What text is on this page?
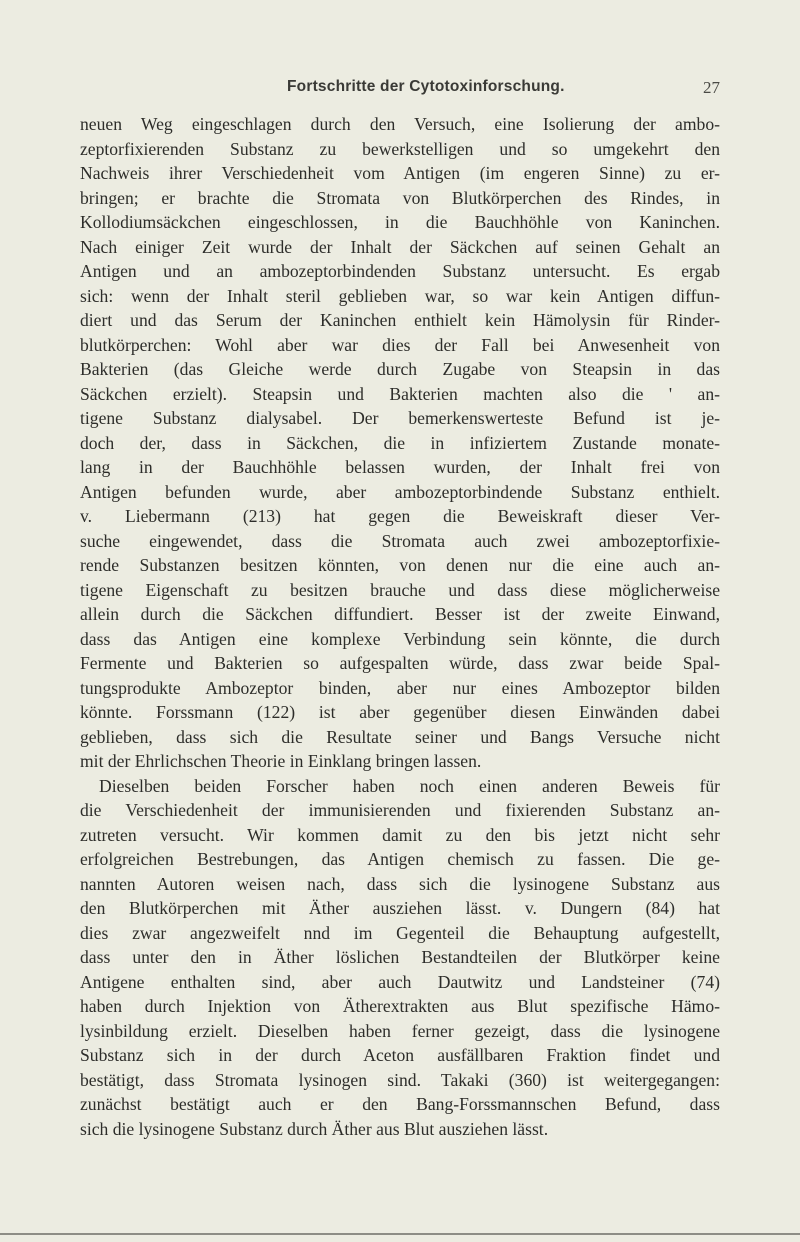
Fortschritte der Cytotoxinforschung.	27
neuen Weg eingeschlagen durch den Versuch, eine Isolierung der ambo-
zeptorfixierenden Substanz zu bewerkstelligen und so umgekehrt den
Nachweis ihrer Verschiedenheit vom Antigen (im engeren Sinne) zu er-
bringen; er brachte die Stromata von Blutkörperchen des Rindes, in
Kollodiumsäckchen eingeschlossen, in die Bauchhöhle von Kaninchen.
Nach einiger Zeit wurde der Inhalt der Säckchen auf seinen Gehalt an
Antigen und an ambozeptorbindenden Substanz untersucht. Es ergab
sich: wenn der Inhalt steril geblieben war, so war kein Antigen diffun-
diert und das Serum der Kaninchen enthielt kein Hämolysin für Rinder-
blutkörperchen: Wohl aber war dies der Fall bei Anwesenheit von
Bakterien (das Gleiche werde durch Zugabe von Steapsin in das
Säckchen erzielt). Steapsin und Bakterien machten also die ' an-
tigene Substanz dialysabel. Der bemerkenswerteste Befund ist je-
doch der, dass in Säckchen, die in infiziertem Zustande monate-
lang in der Bauchhöhle belassen wurden, der Inhalt frei von
Antigen befunden wurde, aber ambozeptorbindende Substanz enthielt.
v. Liebermann (213) hat gegen die Beweiskraft dieser Ver-
suche eingewendet, dass die Stromata auch zwei ambozeptorfixie-
rende Substanzen besitzen könnten, von denen nur die eine auch an-
tigene Eigenschaft zu besitzen brauche und dass diese möglicherweise
allein durch die Säckchen diffundiert. Besser ist der zweite Einwand,
dass das Antigen eine komplexe Verbindung sein könnte, die durch
Fermente und Bakterien so aufgespalten würde, dass zwar beide Spal-
tungsprodukte Ambozeptor binden, aber nur eines Ambozeptor bilden
könnte. Forssmann (122) ist aber gegenüber diesen Einwänden dabei
geblieben, dass sich die Resultate seiner und Bangs Versuche nicht
mit der Ehrlichschen Theorie in Einklang bringen lassen.
Dieselben beiden Forscher haben noch einen anderen Beweis für
die Verschiedenheit der immunisierenden und fixierenden Substanz an-
zutreten versucht. Wir kommen damit zu den bis jetzt nicht sehr
erfolgreichen Bestrebungen, das Antigen chemisch zu fassen. Die ge-
nannten Autoren weisen nach, dass sich die lysinogene Substanz aus
den Blutkörperchen mit Äther ausziehen lässt. v. Dungern (84) hat
dies zwar angezweifelt nnd im Gegenteil die Behauptung aufgestellt,
dass unter den in Äther löslichen Bestandteilen der Blutkörper keine
Antigene enthalten sind, aber auch Dautwitz und Landsteiner (74)
haben durch Injektion von Ätherextrakten aus Blut spezifische Hämo-
lysinbildung erzielt. Dieselben haben ferner gezeigt, dass die lysinogene
Substanz sich in der durch Aceton ausfällbaren Fraktion findet und
bestätigt, dass Stromata lysinogen sind. Takaki (360) ist weitergegangen:
zunächst bestätigt auch er den Bang-Forssmannschen Befund, dass
sich die lysinogene Substanz durch Äther aus Blut ausziehen lässt.
